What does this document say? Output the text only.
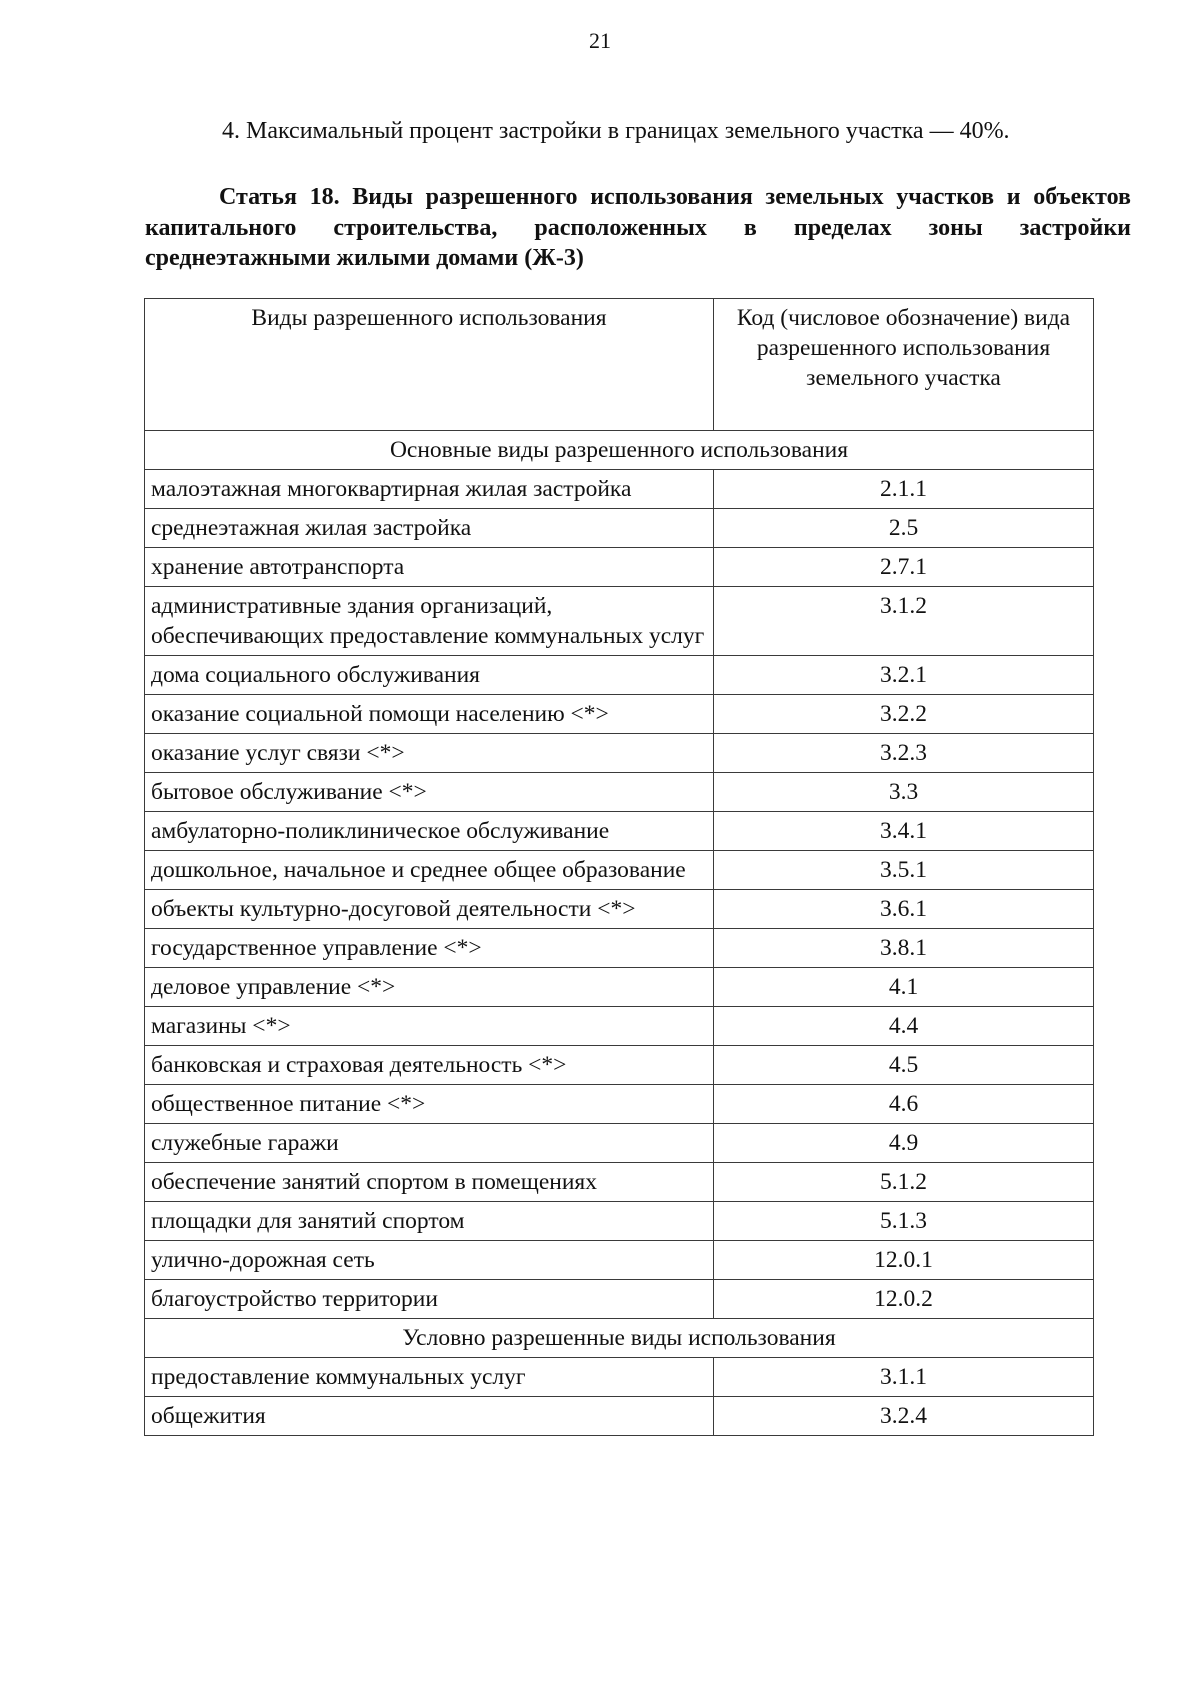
21
4. Максимальный процент застройки в границах земельного участка — 40%.
Статья 18. Виды разрешенного использования земельных участков и объектов капитального строительства, расположенных в пределах зоны застройки среднеэтажными жилыми домами (Ж-3)
Виды разрешенного использования	Код (числовое обозначение) вида разрешенного использования земельного участка
Основные виды разрешенного использования	
малоэтажная многоквартирная жилая застройка	2.1.1
среднеэтажная жилая застройка	2.5
хранение автотранспорта	2.7.1
административные здания организаций, обеспечивающих предоставление коммунальных услуг	3.1.2
дома социального обслуживания	3.2.1
оказание социальной помощи населению <*>	3.2.2
оказание услуг связи <*>	3.2.3
бытовое обслуживание <*>	3.3
амбулаторно-поликлиническое обслуживание	3.4.1
дошкольное, начальное и среднее общее образование	3.5.1
объекты культурно-досуговой деятельности <*>	3.6.1
государственное управление <*>	3.8.1
деловое управление <*>	4.1
магазины <*>	4.4
банковская и страховая деятельность <*>	4.5
общественное питание <*>	4.6
служебные гаражи	4.9
обеспечение занятий спортом в помещениях	5.1.2
площадки для занятий спортом	5.1.3
улично-дорожная сеть	12.0.1
благоустройство территории	12.0.2
Условно разрешенные виды использования	
предоставление коммунальных услуг	3.1.1
общежития	3.2.4
